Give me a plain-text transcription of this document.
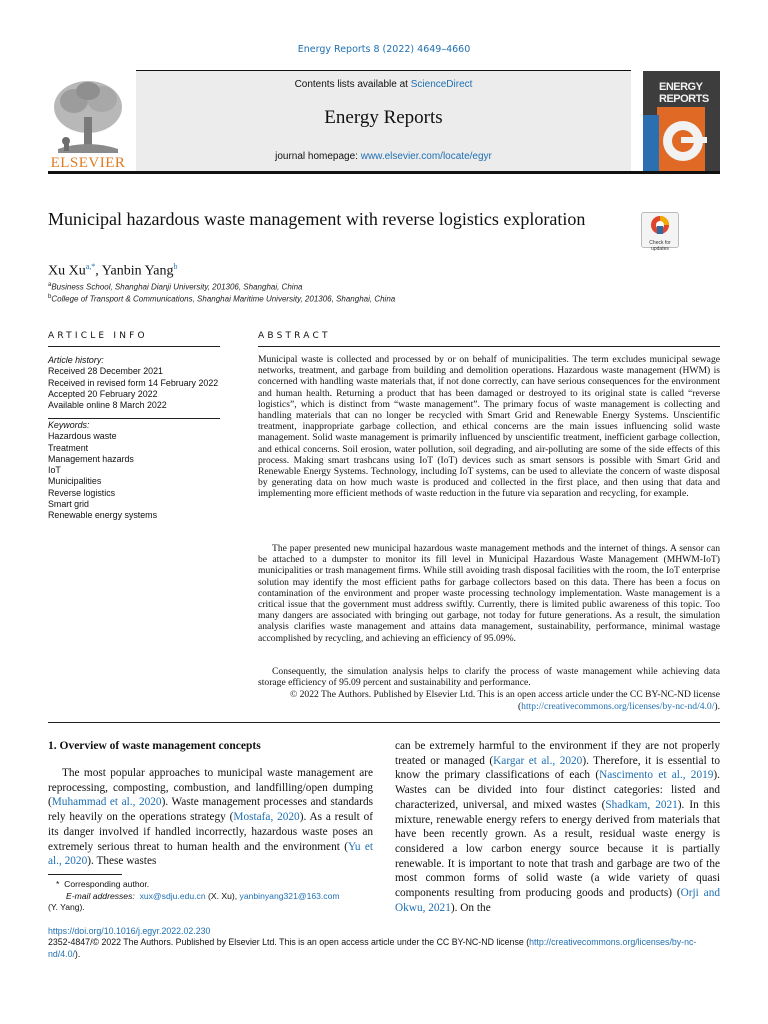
Energy Reports 8 (2022) 4649–4660
ELSEVIER
Contents lists available at ScienceDirect
Energy Reports
journal homepage: www.elsevier.com/locate/egyr
ENERGY
REPORTS
Municipal hazardous waste management with reverse logistics exploration
Check for updates
Xu $Xu^{a,*}$, Yanbin Yang$^b$
$^a$Business School, Shanghai Dianji University, 201306, Shanghai, China
$^b$College of Transport & Communications, Shanghai Maritime University, 201306, Shanghai, China
ARTICLE INFO
Article history:
Received 28 December 2021
Received in revised form 14 February 2022
Accepted 20 February 2022
Available online 8 March 2022
Keywords:
Hazardous waste
Treatment
Management hazards
IoT
Municipalities
Reverse logistics
Smart grid
Renewable energy systems
ABSTRACT
Municipal waste is collected and processed by or on behalf of municipalities. The term excludes municipal sewage networks, treatment, and garbage from building and demolition operations. Hazardous waste management (HWM) is concerned with handling waste materials that, if not done correctly, can have serious consequences for the environment and human health. Returning a product that has been damaged or destroyed to its original state is called “reverse logistics”, which is distinct from “waste management”. The primary focus of waste management is collecting and handling materials that can no longer be recycled with Smart Grid and Renewable Energy Systems. Unscientific treatment, inappropriate garbage collection, and ethical concerns are the main issues influencing solid waste management. Solid waste management is primarily influenced by unscientific treatment, inefficient garbage collection, and ethical concerns. Soil erosion, water pollution, soil degrading, and air-polluting are some of the side effects of this process. Making smart trashcans using IoT (IoT) devices such as smart sensors is possible with Smart Grid and Renewable Energy Systems. Technology, including IoT systems, can be used to alleviate the concern of waste disposal by generating data on how much waste is produced and collected in the first place, and then using that data and implementing more efficient methods of waste reduction in the future via separation and recycling, for example.
The paper presented new municipal hazardous waste management methods and the internet of things. A sensor can be attached to a dumpster to monitor its fill level in Municipal Hazardous Waste Management (MHWM-IoT) municipalities or trash management firms. While still avoiding trash disposal facilities with the room, the IoT enterprise solution may identify the most efficient paths for garbage collectors based on this data. There has been a focus on contamination of the environment and proper waste processing technology implementation. Waste management is a critical issue that the government must address swiftly. Currently, there is limited public awareness of this topic. Too many dangers are associated with bringing out garbage, not today for future generations. As a result, the simulation analysis clarifies waste management and attains data management, sustainability, performance, minimal wastage accomplished by recycling, and achieving an efficiency of 95.09%.
Consequently, the simulation analysis helps to clarify the process of waste management while achieving data storage efficiency of 95.09 percent and sustainability and performance.
© 2022 The Authors. Published by Elsevier Ltd. This is an open access article under the CC BY-NC-ND license (http://creativecommons.org/licenses/by-nc-nd/4.0/).
1. Overview of waste management concepts
The most popular approaches to municipal waste management are reprocessing, composting, combustion, and landfilling/open dumping (Muhammad et al., 2020). Waste management processes and standards rely heavily on the operations strategy (Mostafa, 2020). As a result of its danger involved if handled incorrectly, hazardous waste poses an extremely serious threat to human health and the environment (Yu et al., 2020). These wastes
can be extremely harmful to the environment if they are not properly treated or managed (Kargar et al., 2020). Therefore, it is essential to know the primary classifications of each (Nascimento et al., 2019). Wastes can be divided into four distinct categories: listed and characterized, universal, and mixed wastes (Shadkam, 2021). In this mixture, renewable energy refers to energy derived from materials that have been recently grown. As a result, residual waste energy is considered a low carbon energy source because it is partially renewable. It is important to note that trash and garbage are two of the most common forms of solid waste (a wide variety of quasi components resulting from producing goods and products) (Orji and Okwu, 2021). On the
* Corresponding author.
E-mail addresses: xux@sdju.edu.cn (X. Xu), yanbinyang321@163.com
(Y. Yang).
https://doi.org/10.1016/j.egyr.2022.02.230
2352-4847/© 2022 The Authors. Published by Elsevier Ltd. This is an open access article under the CC BY-NC-ND license (http://creativecommons.org/licenses/by-nc-nd/4.0/).
